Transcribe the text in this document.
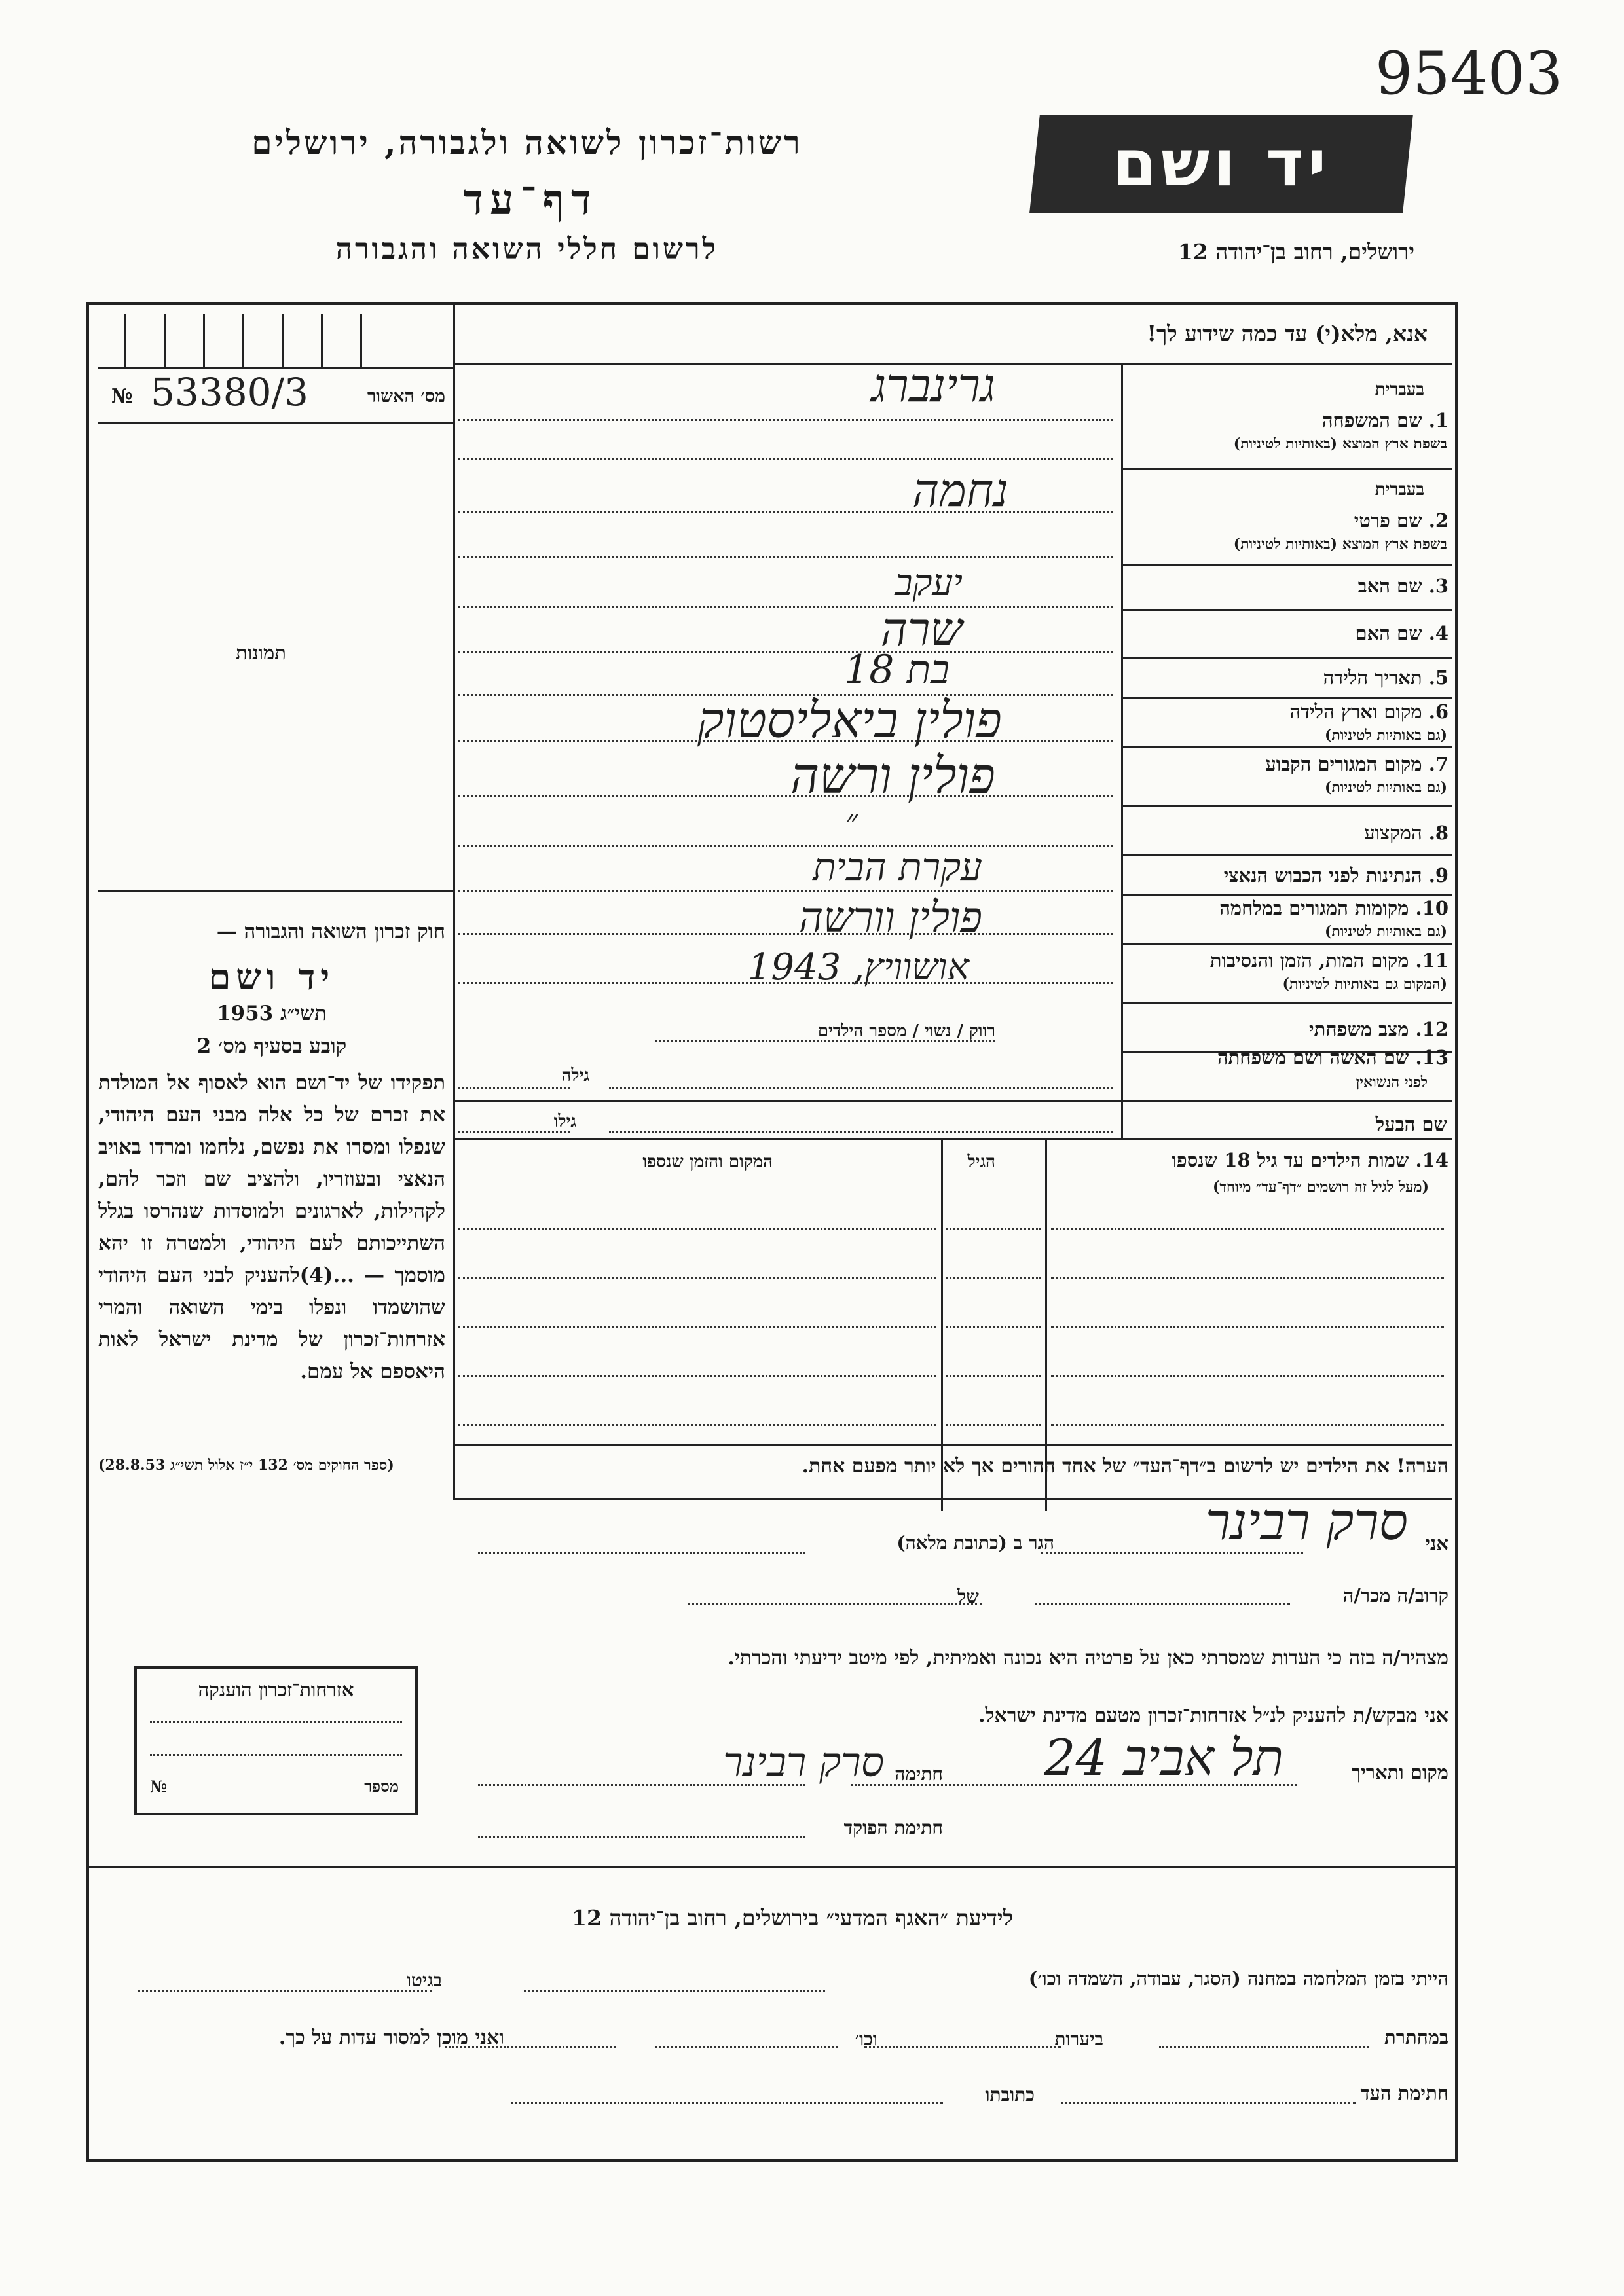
95403
רשות־זכרון לשואה ולגבורה, ירושלים
דף־עד
לרשום חללי השואה והגבורה
יד ושם
ירושלים, רחוב בן־יהודה 12
№ 53380/3	מס׳ האשור
תמונות
חוק זכרון השואה והגבורה —
יד ושם
תשי״ג 1953
קובע בסעיף מס׳ 2
תפקידו של יד־ושם הוא לאסוף אל המולדת את זכרם של כל אלה מבני העם היהודי, שנפלו ומסרו את נפשם, נלחמו ומרדו באויב הנאצי ובעוזריו, ולהציב שם וזכר להם, לקהילות, לארגונים ולמוסדות שנהרסו בגלל השתייכותם לעם היהודי, ולמטרה זו יהא מוסמך — ...(4)להעניק לבני העם היהודי שהושמדו ונפלו בימי השואה והמרי אזרחות־זכרון של מדינת ישראל לאות היאספם אל עמם.
(ספר החוקים מס׳ 132 י״ז אלול תשי״ג 28.8.53)
אנא, מלא(י) עד כמה שידוע לך!
בעברית
1. שם המשפחה
בשפת ארץ המוצא (באותיות לטיניות)
גרינברג
בעברית
2. שם פרטי
בשפת ארץ המוצא (באותיות לטיניות)
נחמה
3. שם האב
יעקב
4. שם האם
שרה
5. תאריך הלידה
בת 18
6. מקום וארץ הלידה
(גם באותיות לטיניות)
פולין ביאליסטוק
7. מקום המגורים הקבוע
(גם באותיות לטיניות)
פולין ורשה
8. המקצוע
״
9. הנתינות לפני הכבוש הנאצי
עקרת הבית
10. מקומות המגורים במלחמה
(גם באותיות לטיניות)
פולין וורשה
11. מקום המות, הזמן והנסיבות
(המקום גם באותיות לטיניות)
אושוויץ, 1943
12. מצב משפחתי
רווק / נשוי / מספר הילדים
13. שם האשה ושם משפחתה
לפני הנשואין
גילה
שם הבעל
גילו
14. שמות הילדים עד גיל 18 שנספו
(מעל לגיל זה רושמים ״דף־עד״ מיוחד)
הגיל
המקום והזמן שנספו
הערה! את הילדים יש לרשום ב״דף־העד״ של אחד ההורים אך לא יותר מפעם אחת.
אני
סרק רבינר
הגר ב (כתובת מלאה)
קרוב/ה מכר/ה
של
מצהיר/ה בזה כי העדות שמסרתי כאן על פרטיה היא נכונה ואמיתית, לפי מיטב ידיעתי והכרתי.
אני מבקש/ת להעניק לנ״ל אזרחות־זכרון מטעם מדינת ישראל.
מקום ותאריך
תל אביב 24
חתימה
סרק רבינר
חתימת הפוקד
אזרחות־זכרון הוענקה
מספר
№
לידיעת ״האגף המדעי״ בירושלים, רחוב בן־יהודה 12
הייתי בזמן המלחמה במחנה (הסגר, עבודה, השמדה וכו׳)
בגיטו
במחתרת
ביערות
וכו׳
ואני מוכן למסור עדות על כך.
חתימת העד
כתובתו
